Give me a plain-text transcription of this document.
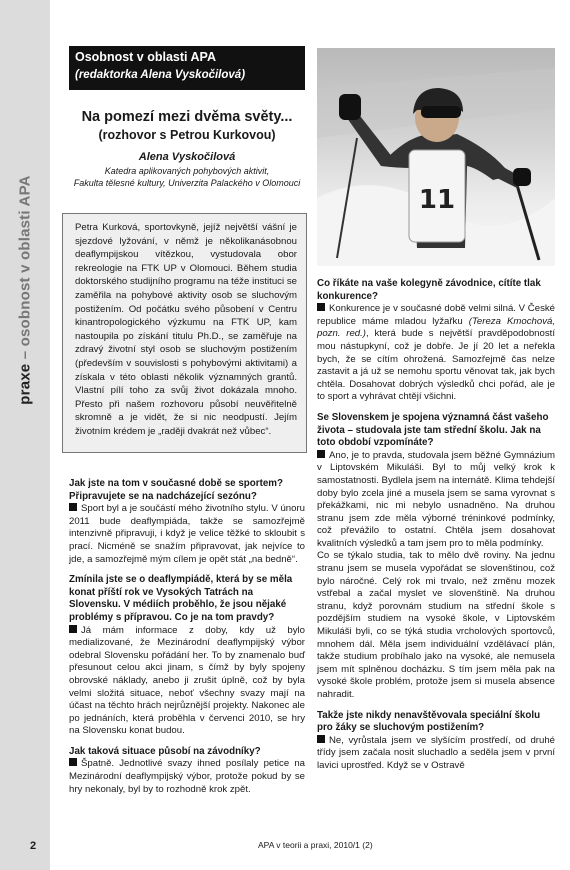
praxe – osobnost v oblasti APA
Osobnost v oblasti APA
(redaktorka Alena Vyskočilová)
Na pomezí mezi dvěma světy...
(rozhovor s Petrou Kurkovou)
Alena Vyskočilová
Katedra aplikovaných pohybových aktivit,
Fakulta tělesné kultury, Univerzita Palackého v Olomouci

Petra Kurková, sportovkyně, jejíž největší vášní je sjezdové lyžování, v němž je několikanásobnou deaflympijskou vítězkou, vystudovala obor rekreologie na FTK UP v Olomouci. Během studia doktorského studijního programu na téže instituci se zaměřila na pohybové aktivity osob se sluchovým postižením. Od počátku svého působení v Centru kinantropologického výzkumu na FTK UP, kam nastoupila po získání titulu Ph.D., se zaměřuje na zdravý životní styl osob se sluchovým postižením (především v souvislosti s pohybovými aktivitami) a získala v této oblasti několik významných grantů. Vlastní pílí toho za svůj život dokázala mnoho. Přesto při našem rozhovoru působí neuvěřitelně skromně a je vidět, že si nic neodpustí. Jejím životním krédem je „raději dvakrát než vůbec“.

11
Jak jste na tom v současné době se sportem? Připravujete se na nadcházející sezónu?

Sport byl a je součástí mého životního stylu. V únoru 2011 bude deaflympiáda, takže se samozřejmě intenzivně připravuji, i když je velice těžké to skloubit s prací. Nicméně se snažím připravovat, jak nejvíce to jde, a samozřejmě mým cílem je opět stát „na bedně“.

Zmínila jste se o deaflympiádě, která by se měla konat příští rok ve Vysokých Tatrách na Slovensku. V médiích proběhlo, že jsou nějaké problémy s přípravou. Co je na tom pravdy?

Já mám informace z doby, kdy už bylo medializované, že Mezinárodní deaflympijský výbor odebral Slovensku pořádání her. To by znamenalo buď přesunout celou akci jinam, s čímž by byly spojeny obrovské náklady, anebo ji zrušit úplně, což by byla velmi složitá situace, neboť všechny svazy mají na účast na těchto hrách nejrůznější projekty. Nakonec ale po jednáních, která proběhla v červenci 2010, se hry na Slovensku konat budou.

Jak taková situace působí na závodníky?

Špatně. Jednotlivé svazy ihned posílaly petice na Mezinárodní deaflympijský výbor, protože pokud by se hry nekonaly, byl by to rozhodně krok zpět.

Co říkáte na vaše kolegyně závodnice, cítíte tlak konkurence?

Konkurence je v současné době velmi silná. V České republice máme mladou lyžařku (Tereza Kmochová, pozn. red.), která bude s největší pravděpodobností mou nástupkyní, což je dobře. Je jí 20 let a neřekla bych, že se cítím ohrožená. Samozřejmě čas nelze zastavit a já už se nemohu sportu věnovat tak, jak bych chtěla. Dosahovat dobrých výsledků chci pořád, ale je to sport a vyhrávat chtějí všichni.

Se Slovenskem je spojena významná část vašeho života – studovala jste tam střední školu. Jak na toto období vzpomínáte?

Ano, je to pravda, studovala jsem běžné Gymnázium v Liptovském Mikuláši. Byl to můj velký krok k samostatnosti. Bydlela jsem na internátě. Klima tehdejší doby bylo zcela jiné a musela jsem se sama vyrovnat s překážkami, nic mi nebylo usnadněno. Na druhou stranu jsem zde měla výborné tréninkové podmínky, což převážilo to ostatní. Chtěla jsem dosahovat kvalitních výsledků a tam jsem pro to měla podmínky.

Co se týkalo studia, tak to mělo dvě roviny. Na jednu stranu jsem se musela vypořádat se slovenštinou, což bylo náročné. Celý rok mi trvalo, než změnu mozek vstřebal a začal myslet ve slovenštině. Na druhou stranu, když porovnám studium na střední škole s pozdějším studiem na vysoké škole, v Liptovském Mikuláši byli, co se týká studia vrcholových sportovců, mnohem dál. Měla jsem individuální vzdělávací plán, takže studium probíhalo jako na vysoké, ale nemusela jsem mít splněnou docházku. S tím jsem měla pak na vysoké škole problém, protože jsem si musela absence nahradit.

Takže jste nikdy nenavštěvovala speciální školu pro žáky se sluchovým postižením?

Ne, vyrůstala jsem ve slyšícím prostředí, od druhé třídy jsem začala nosit sluchadlo a seděla jsem v první lavici uprostřed. Když se v Ostravě

2	APA v teorii a praxi, 2010/1 (2)
